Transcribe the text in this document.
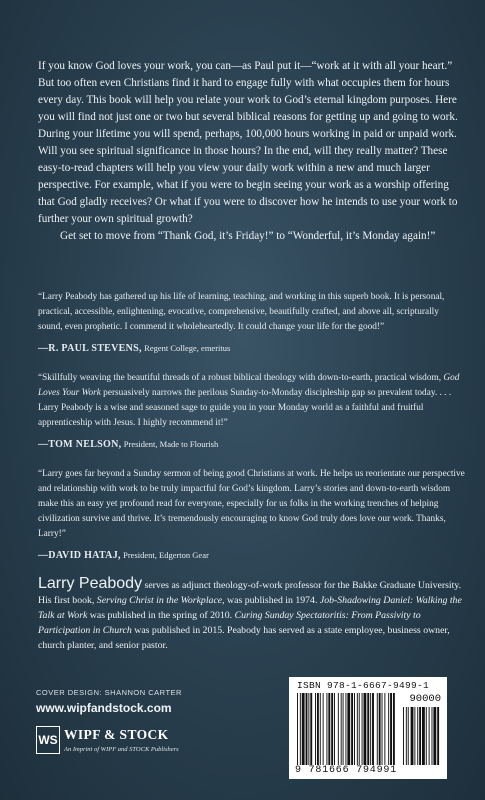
If you know God loves your work, you can—as Paul put it—“work at it with all your heart.” But too often even Christians find it hard to engage fully with what occupies them for hours every day. This book will help you relate your work to God’s eternal kingdom purposes. Here you will find not just one or two but several biblical reasons for getting up and going to work.

During your lifetime you will spend, perhaps, 100,000 hours working in paid or unpaid work. Will you see spiritual significance in those hours? In the end, will they really matter? These easy-to-read chapters will help you view your daily work within a new and much larger perspective. For example, what if you were to begin seeing your work as a worship offering that God gladly receives? Or what if you were to discover how he intends to use your work to further your own spiritual growth?

Get set to move from “Thank God, it’s Friday!” to “Wonderful, it’s Monday again!”

“Larry Peabody has gathered up his life of learning, teaching, and working in this superb book. It is personal, practical, accessible, enlightening, evocative, comprehensive, beautifully crafted, and above all, scripturally sound, even prophetic. I commend it wholeheartedly. It could change your life for the good!”

—R. PAUL STEVENS, Regent College, emeritus

“Skillfully weaving the beautiful threads of a robust biblical theology with down-to-earth, practical wisdom, God Loves Your Work persuasively narrows the perilous Sunday-to-Monday discipleship gap so prevalent today. . . . Larry Peabody is a wise and seasoned sage to guide you in your Monday world as a faithful and fruitful apprenticeship with Jesus. I highly recommend it!”

—TOM NELSON, President, Made to Flourish

“Larry goes far beyond a Sunday sermon of being good Christians at work. He helps us reorientate our perspective and relationship with work to be truly impactful for God’s kingdom. Larry’s stories and down-to-earth wisdom make this an easy yet profound read for everyone, especially for us folks in the working trenches of helping civilization survive and thrive. It’s tremendously encouraging to know God truly does love our work. Thanks, Larry!”

—DAVID HATAJ, President, Edgerton Gear
Larry Peabody serves as adjunct theology-of-work professor for the Bakke Graduate University. His first book, Serving Christ in the Workplace, was published in 1974. Job-Shadowing Daniel: Walking the Talk at Work was published in the spring of 2010. Curing Sunday Spectatoritis: From Passivity to Participation in Church was published in 2015. Peabody has served as a state employee, business owner, church planter, and senior pastor.
COVER DESIGN: SHANNON CARTER
www.wipfandstock.com
WS WIPF & STOCK
An Imprint of WIPF and STOCK Publishers
ISBN 978-1-6667-9499-1
90000
9 781666 794991
